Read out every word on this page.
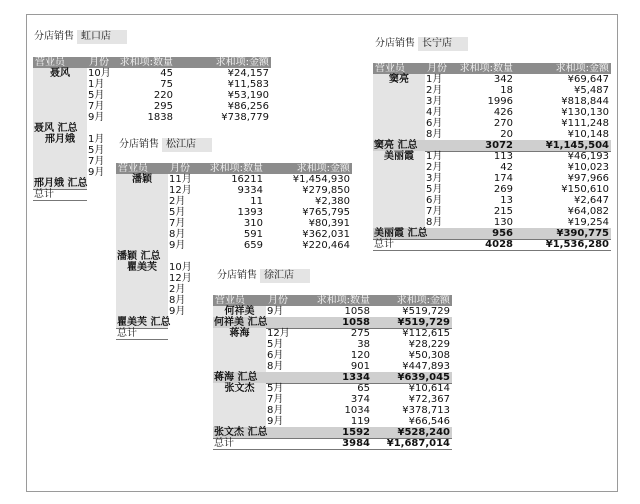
分店销售 虹口店
分店销售 松江店
分店销售 徐汇店
分店销售 长宁店
营业员 月份 求和项:数量	求和项:金额
聂风	10月	45	¥24,157
1月	75	¥11,583
5月	220	¥53,190
7月	295	¥86,256
9月	1838	¥738,779
聂风 汇总
邢月娥	1月
5月
7月
9月
邢月娥 汇总
总计
营业员 月份 求和项:数量	求和项:金额
潘颖	11月	16211	¥1,454,930
12月	9334	¥279,850
2月	11	¥2,380
5月	1393	¥765,795
7月	310	¥80,391
8月	591	¥362,031
9月	659	¥220,464
潘颖 汇总
瞿美芙	10月
12月
2月
8月
9月
瞿美芙 汇总
总计
营业员 月份	求和项:数量	求和项:金额
何祥美	9月	1058	¥519,729
何祥美 汇总	1058	¥519,729
蒋海	12月	275	¥112,615
5月	38	¥28,229
6月	120	¥50,308
8月	901	¥447,893
蒋海 汇总	1334	¥639,045
张文杰	5月	65	¥10,614
7月	374	¥72,367
8月	1034	¥378,713
9月	119	¥66,546
张文杰 汇总	1592	¥528,240
总计	3984 ¥1,687,014
营业员 月份 求和项:数量	求和项:金额
窦亮	1月	342	¥69,647
2月	18	¥5,487
3月	1996	¥818,844
4月	426	¥130,130
6月	270	¥111,248
8月	20	¥10,148
窦亮 汇总	3072	¥1,145,504
美丽霞	1月	113	¥46,193
2月	42	¥10,023
3月	174	¥97,966
5月	269	¥150,610
6月	13	¥2,647
7月	215	¥64,082
8月	130	¥19,254
美丽霞 汇总	956	¥390,775
总计	4028	¥1,536,280
